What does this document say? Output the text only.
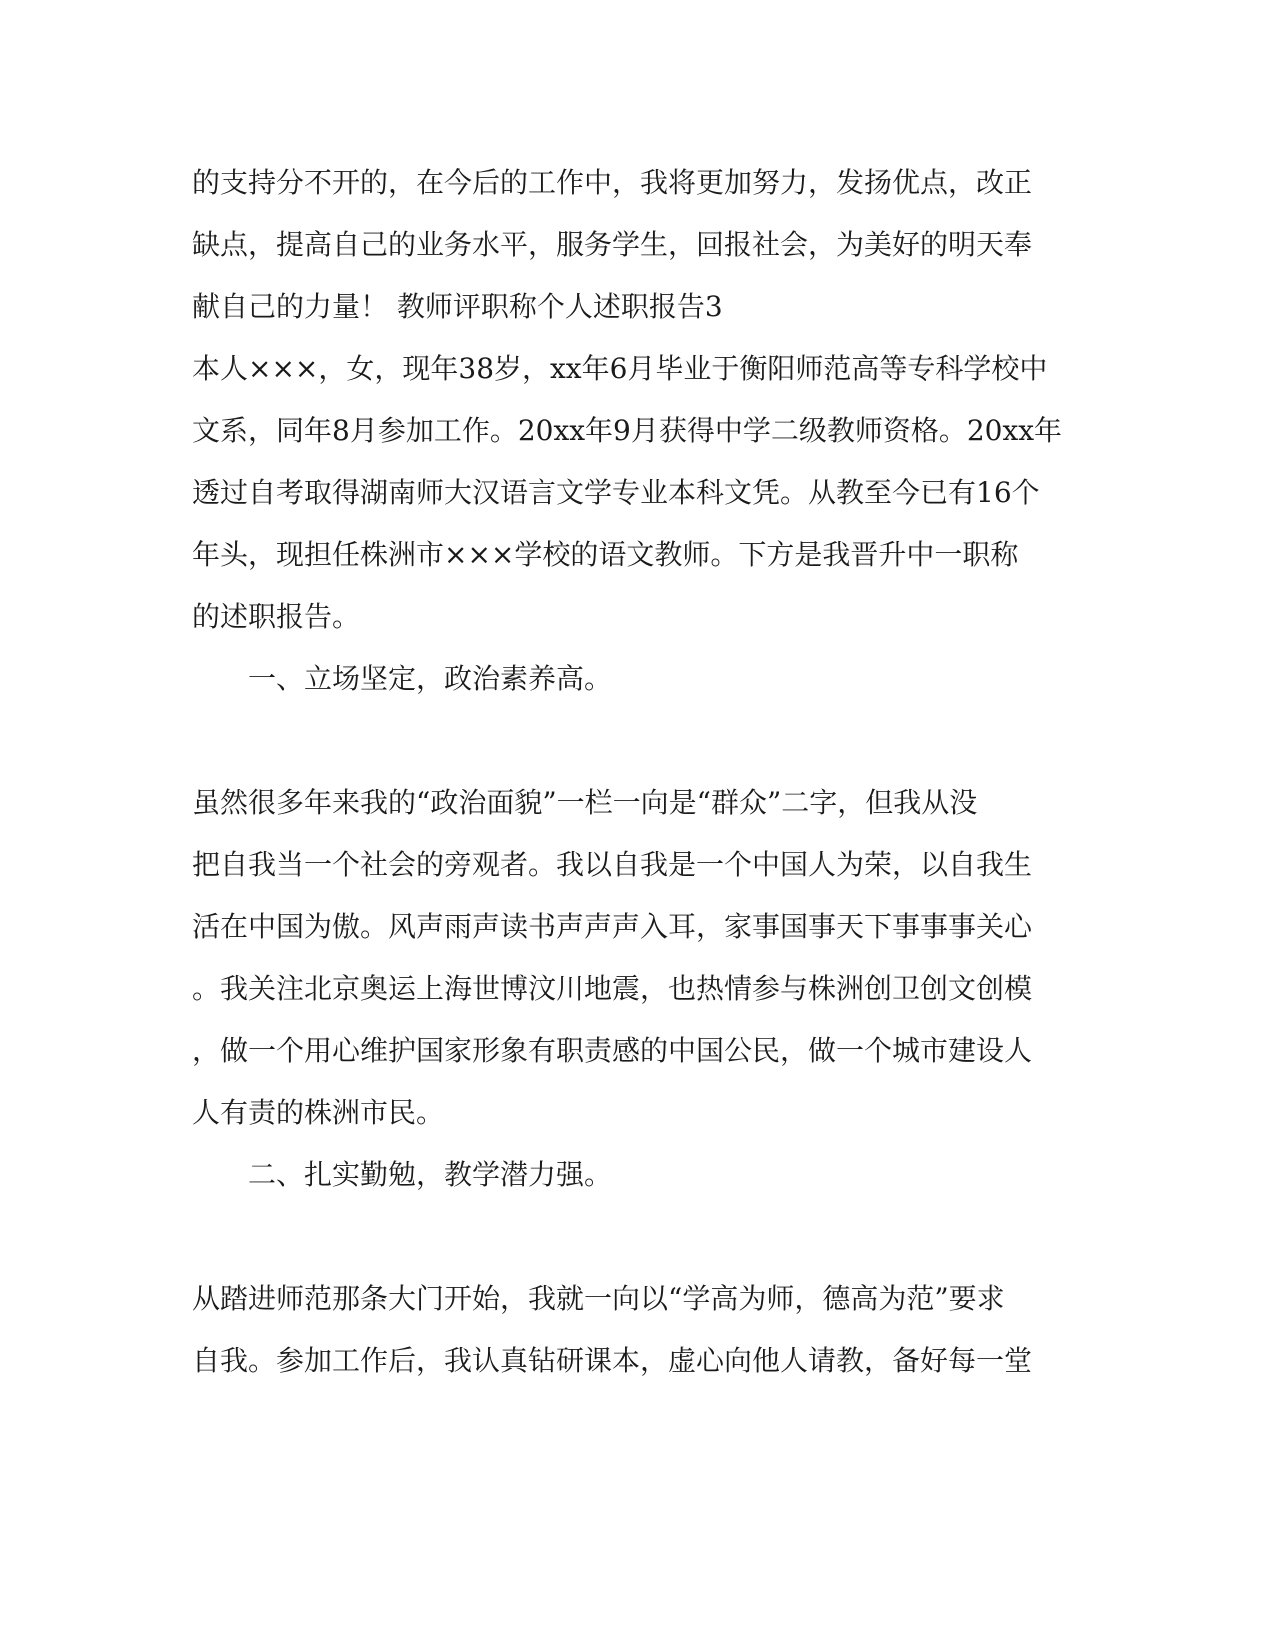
的支持分不开的，在今后的工作中，我将更加努力，发扬优点，改正
缺点，提高自己的业务水平，服务学生，回报社会，为美好的明天奉
献自己的力量！ 教师评职称个人述职报告3
本人×××，女，现年38岁，xx年6月毕业于衡阳师范高等专科学校中
文系，同年8月参加工作。20xx年9月获得中学二级教师资格。20xx年
透过自考取得湖南师大汉语言文学专业本科文凭。从教至今已有16个
年头，现担任株洲市×××学校的语文教师。下方是我晋升中一职称
的述职报告。
一、立场坚定，政治素养高。
虽然很多年来我的“政治面貌”一栏一向是“群众”二字，但我从没
把自我当一个社会的旁观者。我以自我是一个中国人为荣，以自我生
活在中国为傲。风声雨声读书声声声入耳，家事国事天下事事事关心
。我关注北京奥运上海世博汶川地震，也热情参与株洲创卫创文创模
，做一个用心维护国家形象有职责感的中国公民，做一个城市建设人
人有责的株洲市民。
二、扎实勤勉，教学潜力强。
从踏进师范那条大门开始，我就一向以“学高为师，德高为范”要求
自我。参加工作后，我认真钻研课本，虚心向他人请教，备好每一堂
